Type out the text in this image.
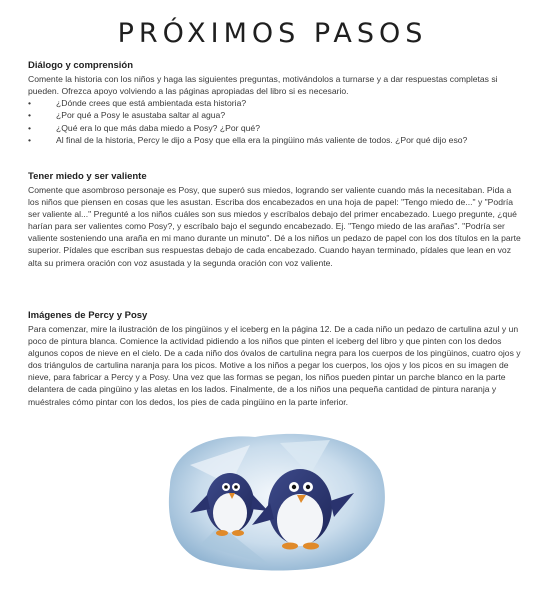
PRÓXIMOS PASOS

Diálogo y comprensión

Comente la historia con los niños y haga las siguientes preguntas, motivándolos a turnarse y a dar respuestas completas si pueden. Ofrezca apoyo volviendo a las páginas apropiadas del libro si es necesario.

•	¿Dónde crees que está ambientada esta historia?

•	¿Por qué a Posy le asustaba saltar al agua?

•	¿Qué era lo que más daba miedo a Posy? ¿Por qué?

•	Al final de la historia, Percy le dijo a Posy que ella era la pingüino más valiente de todos. ¿Por qué dijo eso?

Tener miedo y ser valiente

Comente que asombroso personaje es Posy, que superó sus miedos, logrando ser valiente cuando más la necesitaban. Pida a los niños que piensen en cosas que les asustan. Escriba dos encabezados en una hoja de papel: "Tengo miedo de..." y "Podría ser valiente al..." Pregunté a los niños cuáles son sus miedos y escríbalos debajo del primer encabezado. Luego pregunte, ¿qué harían para ser valientes como Posy?, y escríbalo bajo el segundo encabezado. Ej. "Tengo miedo de las arañas". "Podría ser valiente sosteniendo una araña en mi mano durante un minuto". Dé a los niños un pedazo de papel con los dos títulos en la parte superior. Pídales que escriban sus respuestas debajo de cada encabezado. Cuando hayan terminado, pídales que lean en voz alta su primera oración con voz asustada y la segunda oración con voz valiente.

Imágenes de Percy y Posy

Para comenzar, mire la ilustración de los pingüinos y el iceberg en la página 12. De a cada niño un pedazo de cartulina azul y un poco de pintura blanca. Comience la actividad pidiendo a los niños que pinten el iceberg del libro y que pinten con los dedos algunos copos de nieve en el cielo. De a cada niño dos óvalos de cartulina negra para los cuerpos de los pingüinos, cuatro ojos y dos triángulos de cartulina naranja para los picos. Motive a los niños a pegar los cuerpos, los ojos y los picos en su imagen de nieve, para fabricar a Percy y a Posy. Una vez que las formas se pegan, los niños pueden pintar un parche blanco en la parte delantera de cada pingüino y las aletas en los lados. Finalmente, de a los niños una pequeña cantidad de pintura naranja y muéstrales cómo pintar con los dedos, los pies de cada pingüino en la parte inferior.
